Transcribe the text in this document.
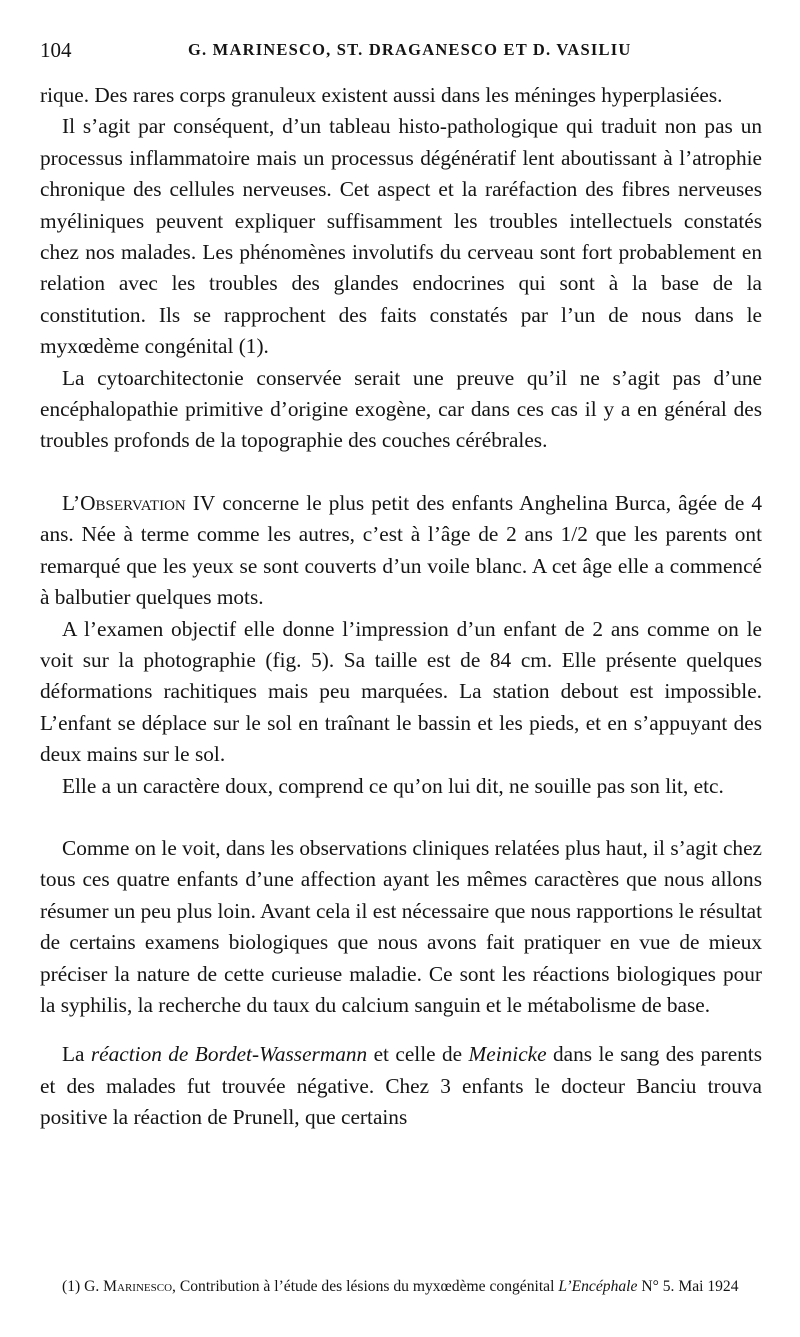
104	G. MARINESCO, ST. DRAGANESCO ET D. VASILIU

rique. Des rares corps granuleux existent aussi dans les méninges hyperplasiées.

Il s’agit par conséquent, d’un tableau histo-pathologique qui traduit non pas un processus inflammatoire mais un processus dégénératif lent aboutissant à l’atrophie chronique des cellules nerveuses. Cet aspect et la raréfaction des fibres nerveuses myéliniques peuvent expliquer suffisamment les troubles intellectuels constatés chez nos malades. Les phénomènes involutifs du cerveau sont fort probablement en relation avec les troubles des glandes endocrines qui sont à la base de la constitution. Ils se rapprochent des faits constatés par l’un de nous dans le myxœdème congénital (1).

La cytoarchitectonie conservée serait une preuve qu’il ne s’agit pas d’une encéphalopathie primitive d’origine exogène, car dans ces cas il y a en général des troubles profonds de la topographie des couches cérébrales.

L’Observation IV concerne le plus petit des enfants Anghelina Burca, âgée de 4 ans. Née à terme comme les autres, c’est à l’âge de 2 ans 1/2 que les parents ont remarqué que les yeux se sont couverts d’un voile blanc. A cet âge elle a commencé à balbutier quelques mots.

A l’examen objectif elle donne l’impression d’un enfant de 2 ans comme on le voit sur la photographie (fig. 5). Sa taille est de 84 cm. Elle présente quelques déformations rachitiques mais peu marquées. La station debout est impossible. L’enfant se déplace sur le sol en traînant le bassin et les pieds, et en s’appuyant des deux mains sur le sol.

Elle a un caractère doux, comprend ce qu’on lui dit, ne souille pas son lit, etc.

Comme on le voit, dans les observations cliniques relatées plus haut, il s’agit chez tous ces quatre enfants d’une affection ayant les mêmes caractères que nous allons résumer un peu plus loin. Avant cela il est nécessaire que nous rapportions le résultat de certains examens biologiques que nous avons fait pratiquer en vue de mieux préciser la nature de cette curieuse maladie. Ce sont les réactions biologiques pour la syphilis, la recherche du taux du calcium sanguin et le métabolisme de base.

La réaction de Bordet-Wassermann et celle de Meinicke dans le sang des parents et des malades fut trouvée négative. Chez 3 enfants le docteur Banciu trouva positive la réaction de Prunell, que certains

(1) G. Marinesco, Contribution à l’étude des lésions du myxœdème congénital L’Encéphale N° 5. Mai 1924
